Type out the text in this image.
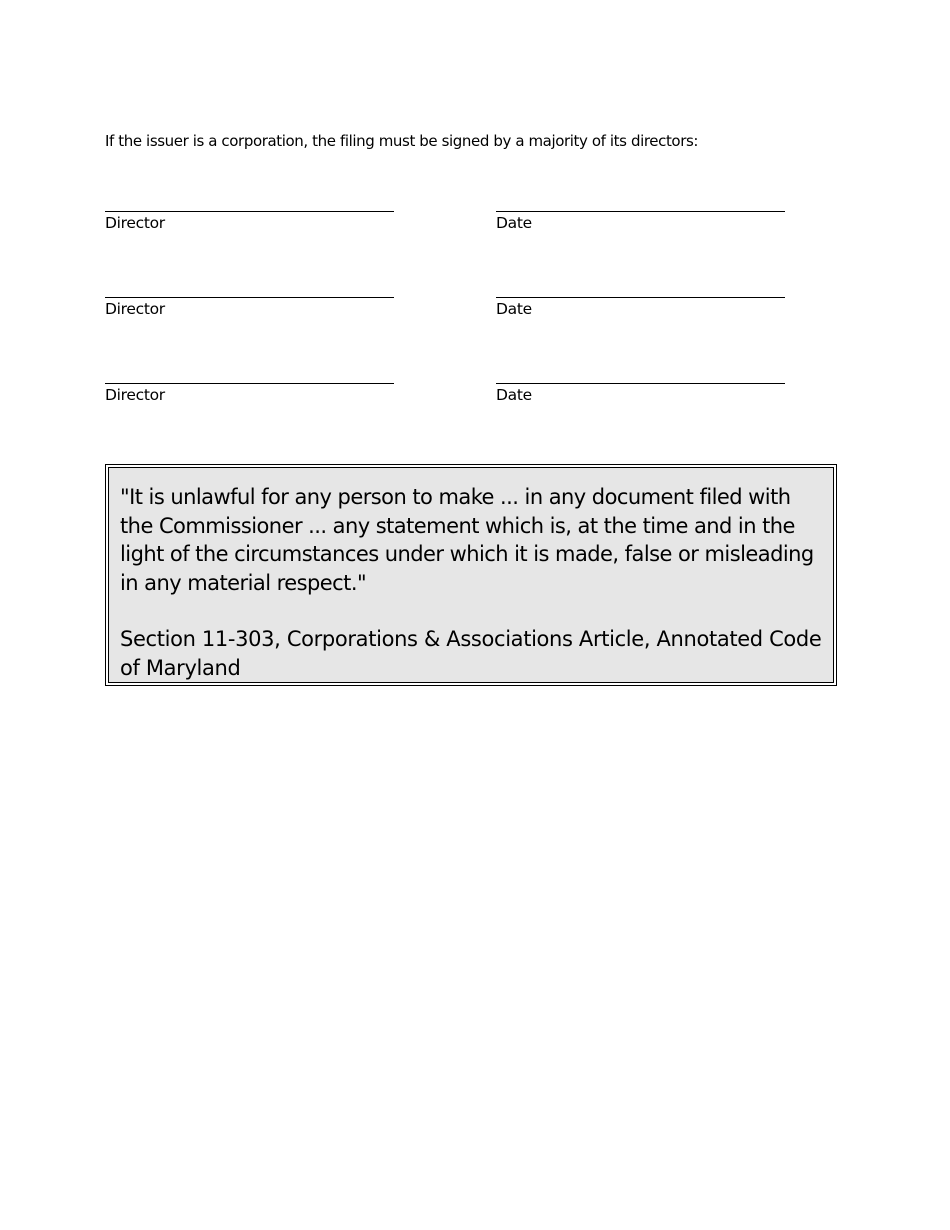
If the issuer is a corporation, the filing must be signed by a majority of its directors:
Director	Date
Director	Date
Director	Date

"It is unlawful for any person to make ... in any document filed with the Commissioner ... any statement which is, at the time and in the light of the circumstances under which it is made, false or misleading in any material respect."

Section 11-303, Corporations & Associations Article, Annotated Code of Maryland
